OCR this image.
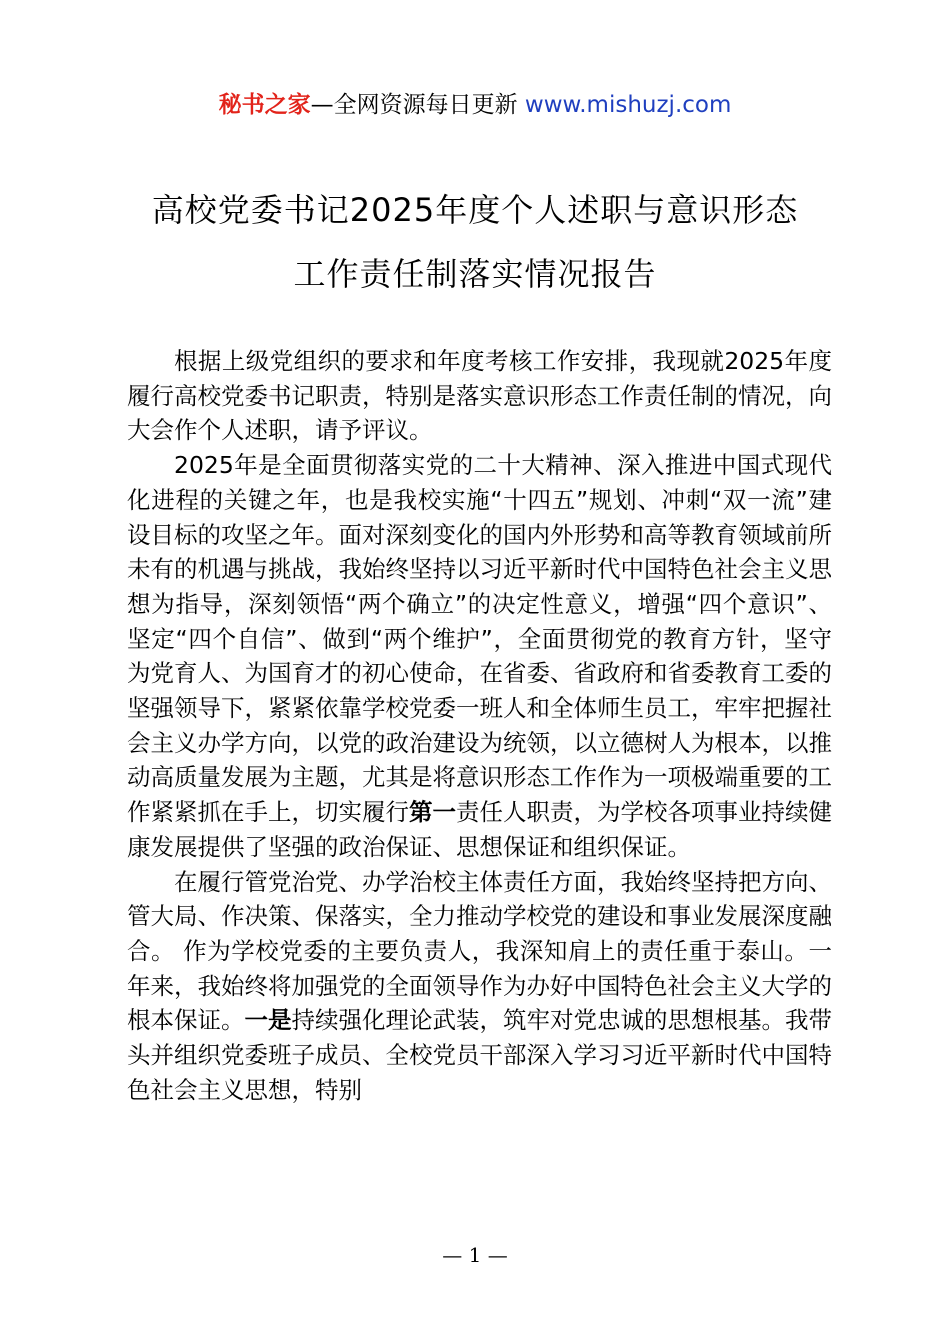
秘书之家—全网资源每日更新 www.mishuzj.com
高校党委书记2025年度个人述职与意识形态
工作责任制落实情况报告

根据上级党组织的要求和年度考核工作安排，我现就2025年度履行高校党委书记职责，特别是落实意识形态工作责任制的情况，向大会作个人述职，请予评议。

2025年是全面贯彻落实党的二十大精神、深入推进中国式现代化进程的关键之年，也是我校实施“十四五”规划、冲刺“双一流”建设目标的攻坚之年。面对深刻变化的国内外形势和高等教育领域前所未有的机遇与挑战，我始终坚持以习近平新时代中国特色社会主义思想为指导，深刻领悟“两个确立”的决定性意义，增强“四个意识”、坚定“四个自信”、做到“两个维护”，全面贯彻党的教育方针，坚守为党育人、为国育才的初心使命，在省委、省政府和省委教育工委的坚强领导下，紧紧依靠学校党委一班人和全体师生员工，牢牢把握社会主义办学方向，以党的政治建设为统领，以立德树人为根本，以推动高质量发展为主题，尤其是将意识形态工作作为一项极端重要的工作紧紧抓在手上，切实履行第一责任人职责，为学校各项事业持续健康发展提供了坚强的政治保证、思想保证和组织保证。

在履行管党治党、办学治校主体责任方面，我始终坚持把方向、管大局、作决策、保落实，全力推动学校党的建设和事业发展深度融合。 作为学校党委的主要负责人，我深知肩上的责任重于泰山。一年来，我始终将加强党的全面领导作为办好中国特色社会主义大学的根本保证。一是持续强化理论武装，筑牢对党忠诚的思想根基。我带头并组织党委班子成员、全校党员干部深入学习习近平新时代中国特色社会主义思想，特别

— 1 —
